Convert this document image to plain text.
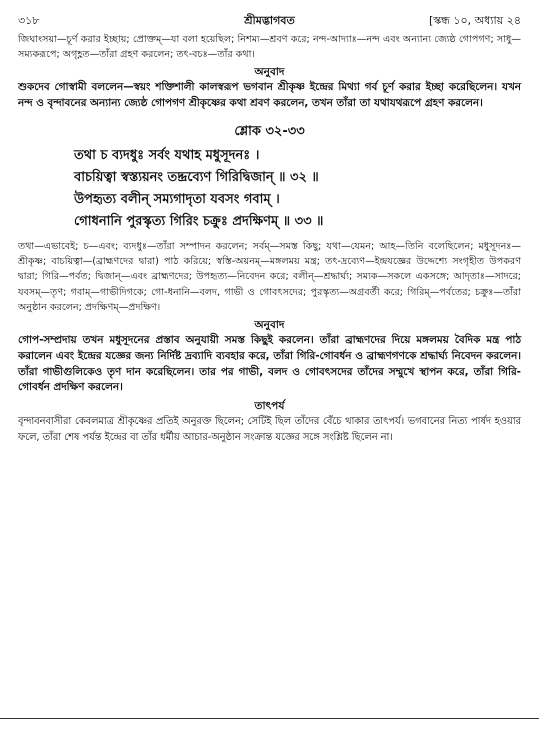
৩১৮	শ্রীমদ্ভাগবত	[স্কন্ধ ১০, অধ্যায় ২৪

জিঘাংসয়া—চূর্ণ করার ইচ্ছায়; প্রোক্তম্—যা বলা হয়েছিল; নিশম্য—শ্রবণ করে; নন্দ-আদ্যাঃ—নন্দ এবং অন্যান্য জ্যেষ্ঠ গোপগণ; সাধু—সম্যকরূপে; অগৃহ্ণত—তাঁরা গ্রহণ করলেন; তৎ-বচঃ—তাঁর কথা।

অনুবাদ

শুকদেব গোস্বামী বললেন—স্বয়ং শক্তিশালী কালস্বরূপ ভগবান শ্রীকৃষ্ণ ইন্দ্রের মিথ্যা গর্ব চূর্ণ করার ইচ্ছা করেছিলেন। যখন নন্দ ও বৃন্দাবনের অন্যান্য জ্যেষ্ঠ গোপগণ শ্রীকৃষ্ণের কথা শ্রবণ করলেন, তখন তাঁরা তা যথাযথরূপে গ্রহণ করলেন।

শ্লোক ৩২-৩৩
তথা চ ব্যদধুঃ সর্বং যথাহ মধুসূদনঃ ।
বাচয়িত্বা স্বস্ত্যয়নং তদ্দ্রব্যেণ গিরিদ্বিজান্ ॥ ৩২ ॥
উপহৃত্য বলীন্ সম্যগাদৃতা যবসং গবাম্ ।
গোধনানি পুরস্কৃত্য গিরিং চক্রুঃ প্রদক্ষিণম্ ॥ ৩৩ ॥

তথা—এভাবেই; চ—এবং; ব্যদধুঃ—তাঁরা সম্পাদন করলেন; সর্বম্—সমস্ত কিছু; যথা—যেমন; আহ—তিনি বলেছিলেন; মধুসূদনঃ—শ্রীকৃষ্ণ; বাচয়িত্বা—(ব্রাহ্মণদের দ্বারা) পাঠ করিয়ে; স্বস্তি-অয়নম্—মঙ্গলময় মন্ত্র; তৎ-দ্রব্যেণ—ইন্দ্রযজ্ঞের উদ্দেশ্যে সংগৃহীত উপকরণ দ্বারা; গিরি—পর্বত; দ্বিজান্—এবং ব্রাহ্মণদের; উপহৃত্য—নিবেদন করে; বলীন্—শ্রদ্ধার্ঘ্য; সম্যক—সকলে একসঙ্গে; আদৃতাঃ—সাদরে; যবসম্—তৃণ; গবাম্—গাভীদিগকে; গো-ধনানি—বলদ, গাভী ও গোবৎসদের; পুরস্কৃত্য—অগ্রবর্তী করে; গিরিম্—পর্বতের; চক্রুঃ—তাঁরা অনুষ্ঠান করলেন; প্রদক্ষিণম্—প্রদক্ষিণ।

অনুবাদ

গোপ-সম্প্রদায় তখন মধুসূদনের প্রস্তাব অনুযায়ী সমস্ত কিছুই করলেন। তাঁরা ব্রাহ্মণদের দিয়ে মঙ্গলময় বৈদিক মন্ত্র পাঠ করালেন এবং ইন্দ্রের যজ্ঞের জন্য নির্দিষ্ট দ্রব্যাদি ব্যবহার করে, তাঁরা গিরি-গোবর্ধন ও ব্রাহ্মণগণকে শ্রদ্ধার্ঘ্য নিবেদন করলেন। তাঁরা গাভীগুলিকেও তৃণ দান করেছিলেন। তার পর গাভী, বলদ ও গোবৎসদের তাঁদের সম্মুখে স্থাপন করে, তাঁরা গিরি-গোবর্ধন প্রদক্ষিণ করলেন।

তাৎপর্য

বৃন্দাবনবাসীরা কেবলমাত্র শ্রীকৃষ্ণের প্রতিই অনুরক্ত ছিলেন; সেটিই ছিল তাঁদের বেঁচে থাকার তাৎপর্য। ভগবানের নিত্য পার্ষদ হওয়ার ফলে, তাঁরা শেষ পর্যন্ত ইন্দ্রের বা তাঁর ধর্মীয় আচার-অনুষ্ঠান সংক্রান্ত যজ্ঞের সঙ্গে সংশ্লিষ্ট ছিলেন না।
